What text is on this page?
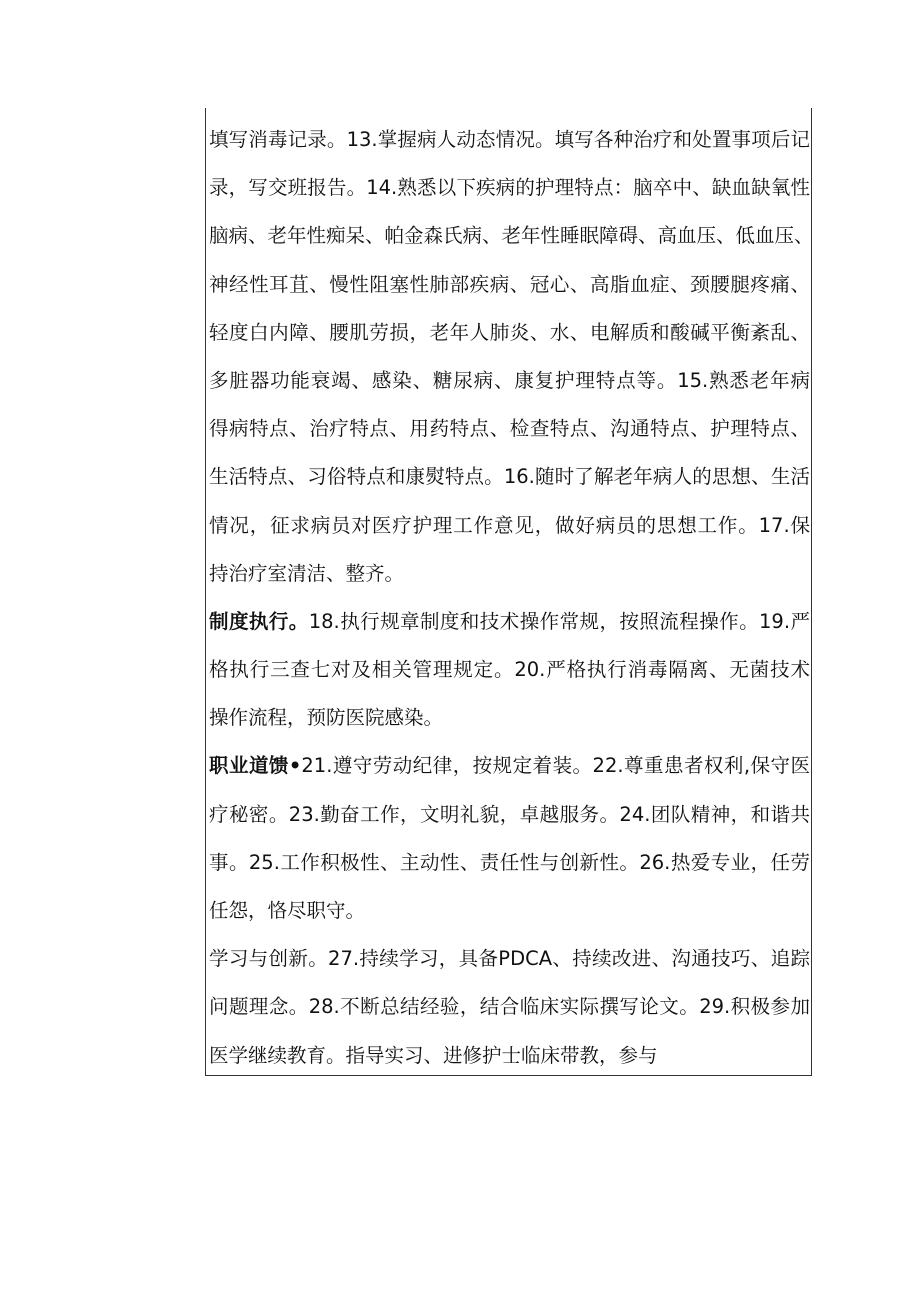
填写消毒记录。13.掌握病人动态情况。填写各种治疗和处置事项后记
录，写交班报告。14.熟悉以下疾病的护理特点：脑卒中、缺血缺氧性
脑病、老年性痴呆、帕金森氏病、老年性睡眠障碍、高血压、低血压、
神经性耳苴、慢性阻塞性肺部疾病、冠心、高脂血症、颈腰腿疼痛、
轻度白内障、腰肌劳损，老年人肺炎、水、电解质和酸碱平衡紊乱、
多脏器功能衰竭、感染、糖尿病、康复护理特点等。15.熟悉老年病
得病特点、治疗特点、用药特点、检查特点、沟通特点、护理特点、
生活特点、习俗特点和康熨特点。16.随时了解老年病人的思想、生活
情况，征求病员对医疗护理工作意见，做好病员的思想工作。17.保
持治疗室清洁、整齐。
制度执行。18.执行规章制度和技术操作常规，按照流程操作。19.严
格执行三查七对及相关管理规定。20.严格执行消毒隔离、无菌技术
操作流程，预防医院感染。
职业道馈•21.遵守劳动纪律，按规定着装。22.尊重患者权利,保守医
疗秘密。23.勤奋工作，文明礼貌，卓越服务。24.团队精神，和谐共
事。25.工作积极性、主动性、责任性与创新性。26.热爱专业，任劳
任怨，恪尽职守。
学习与创新。27.持续学习，具备PDCA、持续改进、沟通技巧、追踪
问题理念。28.不断总结经验，结合临床实际撰写论文。29.积极参加
医学继续教育。指导实习、进修护士临床带教，参与
